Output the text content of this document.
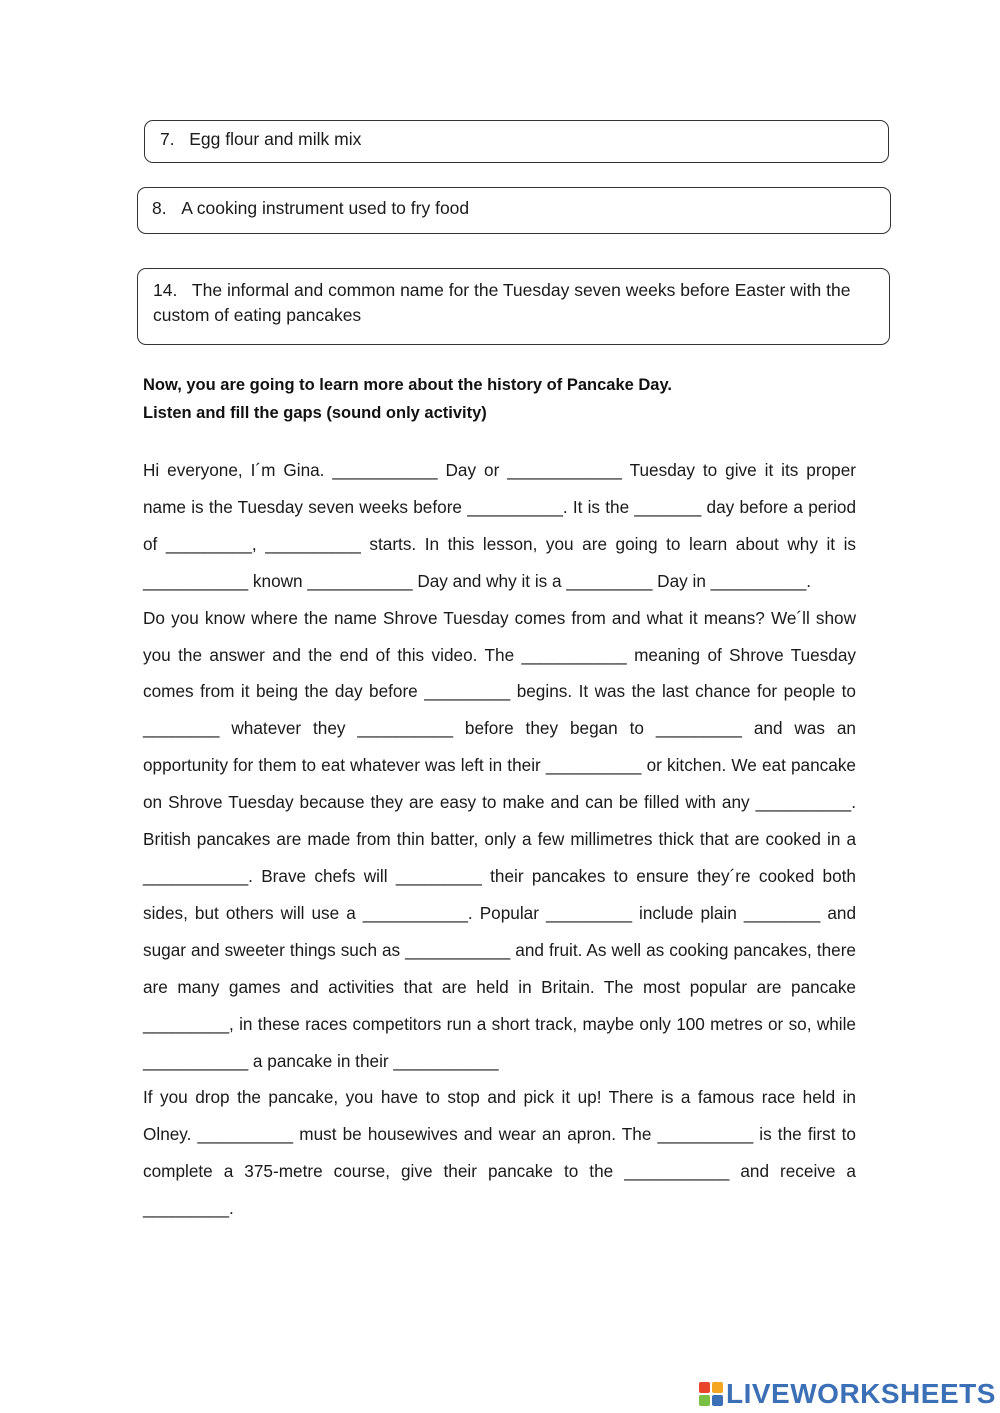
7. Egg flour and milk mix
8. A cooking instrument used to fry food
14. The informal and common name for the Tuesday seven weeks before Easter with the custom of eating pancakes
Now, you are going to learn more about the history of Pancake Day.
Listen and fill the gaps (sound only activity)

Hi everyone, I´m Gina. ___________ Day or ____________ Tuesday to give it its proper name is the Tuesday seven weeks before __________. It is the _______ day before a period of _________, __________ starts. In this lesson, you are going to learn about why it is ___________ known ___________ Day and why it is a _________ Day in __________.

Do you know where the name Shrove Tuesday comes from and what it means? We´ll show you the answer and the end of this video. The ___________ meaning of Shrove Tuesday comes from it being the day before _________ begins. It was the last chance for people to ________ whatever they __________ before they began to _________ and was an opportunity for them to eat whatever was left in their __________ or kitchen. We eat pancake on Shrove Tuesday because they are easy to make and can be filled with any __________. British pancakes are made from thin batter, only a few millimetres thick that are cooked in a ___________. Brave chefs will _________ their pancakes to ensure they´re cooked both sides, but others will use a ___________. Popular _________ include plain ________ and sugar and sweeter things such as ___________ and fruit. As well as cooking pancakes, there are many games and activities that are held in Britain. The most popular are pancake _________, in these races competitors run a short track, maybe only 100 metres or so, while ___________ a pancake in their ___________

If you drop the pancake, you have to stop and pick it up! There is a famous race held in Olney. __________ must be housewives and wear an apron. The __________ is the first to complete a 375-metre course, give their pancake to the ___________ and receive a _________.

LIVEWORKSHEETS
